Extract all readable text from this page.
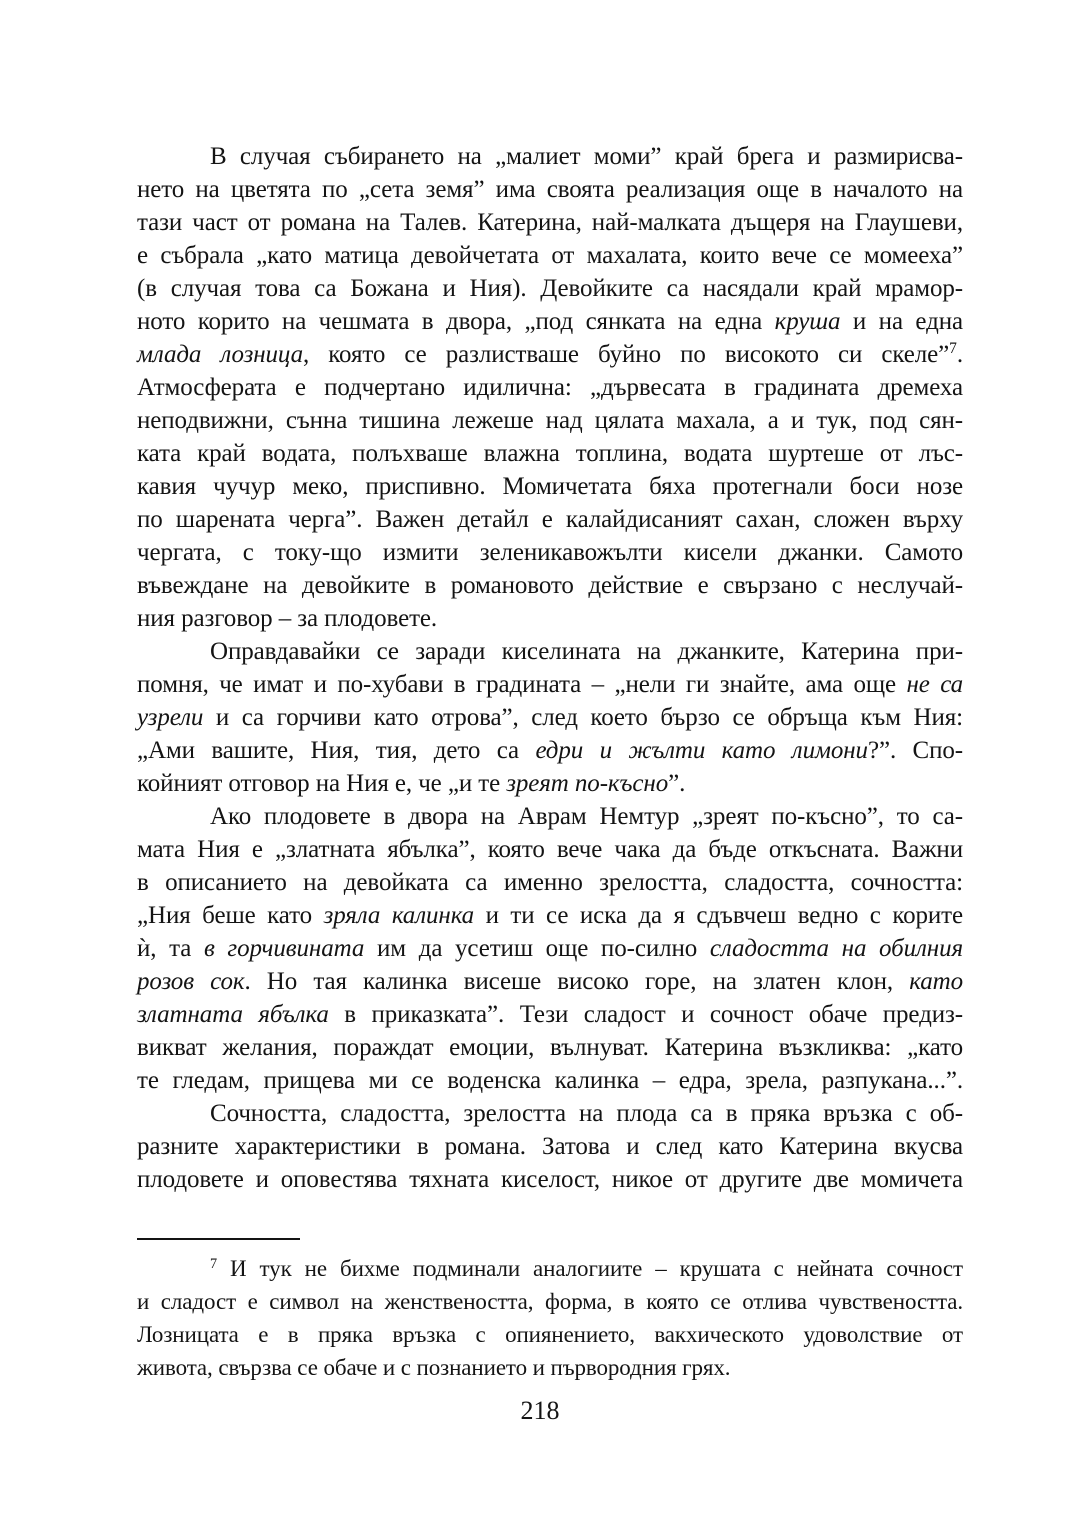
В случая събирането на „малиет моми” край брега и размирисва-
нето на цветята по „сета земя” има своята реализация още в началото на
тази част от романа на Талев. Катерина, най-малката дъщеря на Глаушеви,
е събрала „като матица девойчетата от махалата, които вече се момееха”
(в случая това са Божана и Ния). Девойките са насядали край мрамор-
ното корито на чешмата в двора, „под сянката на една круша и на една
млада лозница, която се разлистваше буйно по високото си скеле”$^7$.
Атмосферата е подчертано идилична: „дървесата в градината дремеха
неподвижни, сънна тишина лежеше над цялата махала, а и тук, под сян-
ката край водата, полъхваше влажна топлина, водата шуртеше от лъс-
кавия чучур меко, приспивно. Момичетата бяха протегнали боси нозе
по шарената черга”. Важен детайл е калайдисаният сахан, сложен върху
чергата, с току-що измити зеленикавожълти кисели джанки. Самото
въвеждане на девойките в романовото действие е свързано с неслучай-
ния разговор – за плодовете.
Оправдавайки се заради киселината на джанките, Катерина при-
помня, че имат и по-хубави в градината – „нели ги знайте, ама още не са
узрели и са горчиви като отрова”, след което бързо се обръща към Ния:
„Ами вашите, Ния, тия, дето са едри и жълти като лимони?”. Спо-
койният отговор на Ния е, че „и те зреят по-късно”.
Ако плодовете в двора на Аврам Немтур „зреят по-късно”, то са-
мата Ния е „златната ябълка”, която вече чака да бъде откъсната. Важни
в описанието на девойката са именно зрелостта, сладостта, сочността:
„Ния беше като зряла калинка и ти се иска да я сдъвчеш ведно с корите
ѝ, та в горчивината им да усетиш още по-силно сладостта на обилния
розов сок. Но тая калинка висеше високо горе, на златен клон, като
златната ябълка в приказката”. Тези сладост и сочност обаче предиз-
викват желания, пораждат емоции, вълнуват. Катерина възкликва: „като
те гледам, прищева ми се воденска калинка – едра, зрела, разпукана...”.
Сочността, сладостта, зрелостта на плода са в пряка връзка с об-
разните характеристики в романа. Затова и след като Катерина вкусва
плодовете и оповестява тяхната киселост, никое от другите две момичета
$^7$ И тук не бихме подминали аналогиите – крушата с нейната сочност
и сладост е символ на женствеността, форма, в която се отлива чувствеността.
Лозницата е в пряка връзка с опиянението, вакхическото удоволствие от
живота, свързва се обаче и с познанието и първородния грях.
218
